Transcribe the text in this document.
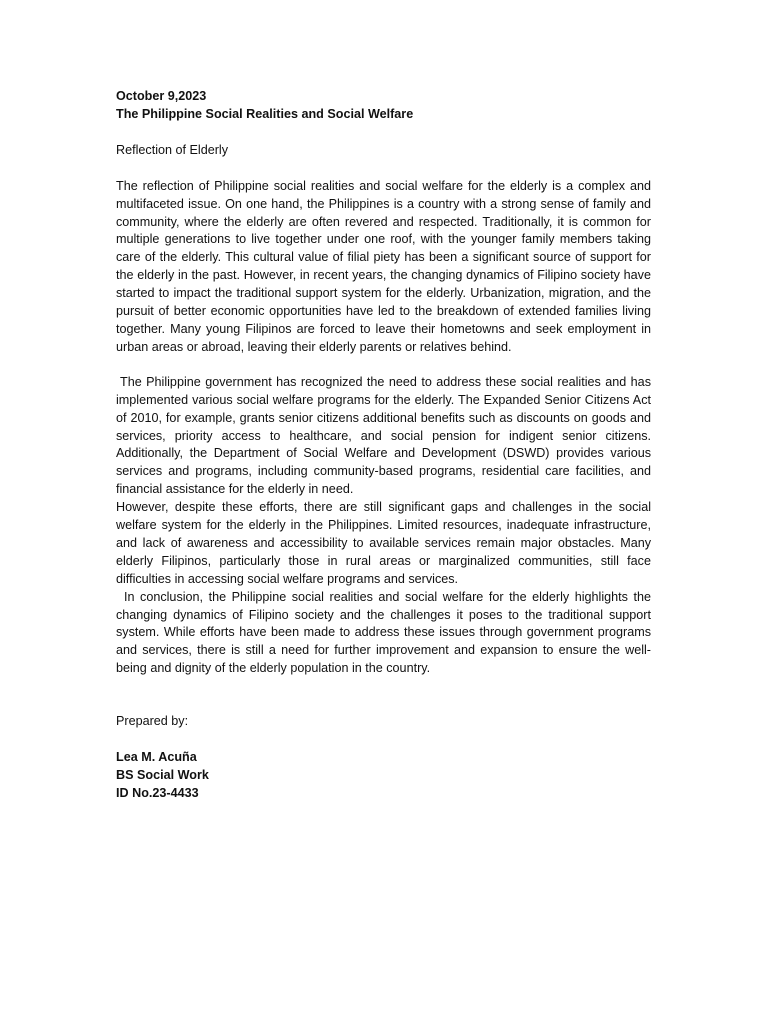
October 9,2023
The Philippine Social Realities and Social Welfare
Reflection of Elderly

The reflection of Philippine social realities and social welfare for the elderly is a complex and multifaceted issue. On one hand, the Philippines is a country with a strong sense of family and community, where the elderly are often revered and respected. Traditionally, it is common for multiple generations to live together under one roof, with the younger family members taking care of the elderly. This cultural value of filial piety has been a significant source of support for the elderly in the past. However, in recent years, the changing dynamics of Filipino society have started to impact the traditional support system for the elderly. Urbanization, migration, and the pursuit of better economic opportunities have led to the breakdown of extended families living together. Many young Filipinos are forced to leave their hometowns and seek employment in urban areas or abroad, leaving their elderly parents or relatives behind.

The Philippine government has recognized the need to address these social realities and has implemented various social welfare programs for the elderly. The Expanded Senior Citizens Act of 2010, for example, grants senior citizens additional benefits such as discounts on goods and services, priority access to healthcare, and social pension for indigent senior citizens. Additionally, the Department of Social Welfare and Development (DSWD) provides various services and programs, including community-based programs, residential care facilities, and financial assistance for the elderly in need.

However, despite these efforts, there are still significant gaps and challenges in the social welfare system for the elderly in the Philippines. Limited resources, inadequate infrastructure, and lack of awareness and accessibility to available services remain major obstacles. Many elderly Filipinos, particularly those in rural areas or marginalized communities, still face difficulties in accessing social welfare programs and services.

In conclusion, the Philippine social realities and social welfare for the elderly highlights the changing dynamics of Filipino society and the challenges it poses to the traditional support system. While efforts have been made to address these issues through government programs and services, there is still a need for further improvement and expansion to ensure the well-being and dignity of the elderly population in the country.

Prepared by:
Lea M. Acuña
BS Social Work
ID No.23-4433
